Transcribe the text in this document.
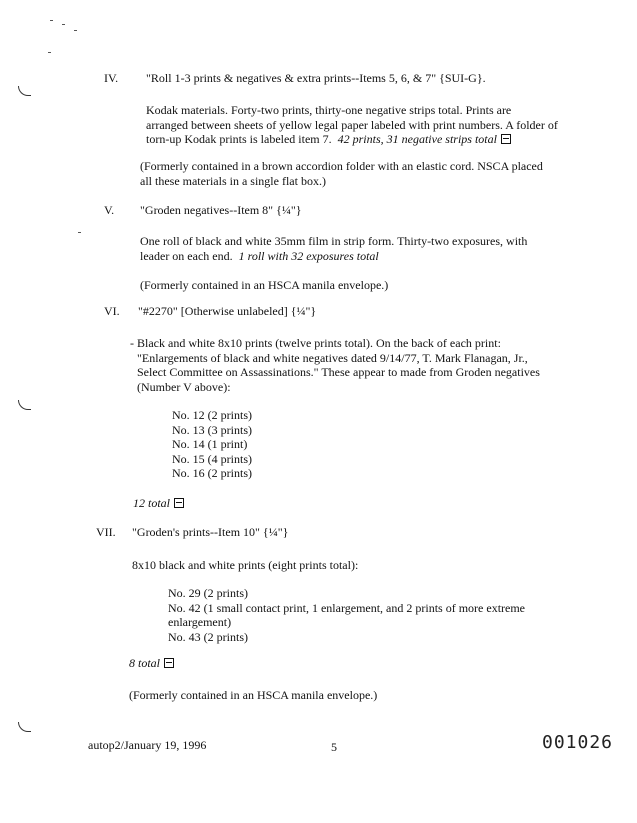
IV.	"Roll 1-3 prints & negatives & extra prints--Items 5, 6, & 7" {SUI-G}.
Kodak materials. Forty-two prints, thirty-one negative strips total. Prints are
arranged between sheets of yellow legal paper labeled with print numbers. A folder of
torn-up Kodak prints is labeled item 7. 42 prints, 31 negative strips total
(Formerly contained in a brown accordion folder with an elastic cord. NSCA placed
all these materials in a single flat box.)
V.	"Groden negatives--Item 8" {¼"}
One roll of black and white 35mm film in strip form. Thirty-two exposures, with
leader on each end. 1 roll with 32 exposures total
(Formerly contained in an HSCA manila envelope.)
VI.	"#2270" [Otherwise unlabeled] {¼"}
- Black and white 8x10 prints (twelve prints total). On the back of each print:
"Enlargements of black and white negatives dated 9/14/77, T. Mark Flanagan, Jr.,
Select Committee on Assassinations." These appear to made from Groden negatives
(Number V above):
No. 12 (2 prints)
No. 13 (3 prints)
No. 14 (1 print)
No. 15 (4 prints)
No. 16 (2 prints)
12 total
VII.	"Groden's prints--Item 10" {¼"}
8x10 black and white prints (eight prints total):
No. 29 (2 prints)
No. 42 (1 small contact print, 1 enlargement, and 2 prints of more extreme
enlargement)
No. 43 (2 prints)
8 total
(Formerly contained in an HSCA manila envelope.)
autop2/January 19, 1996	5	001026
